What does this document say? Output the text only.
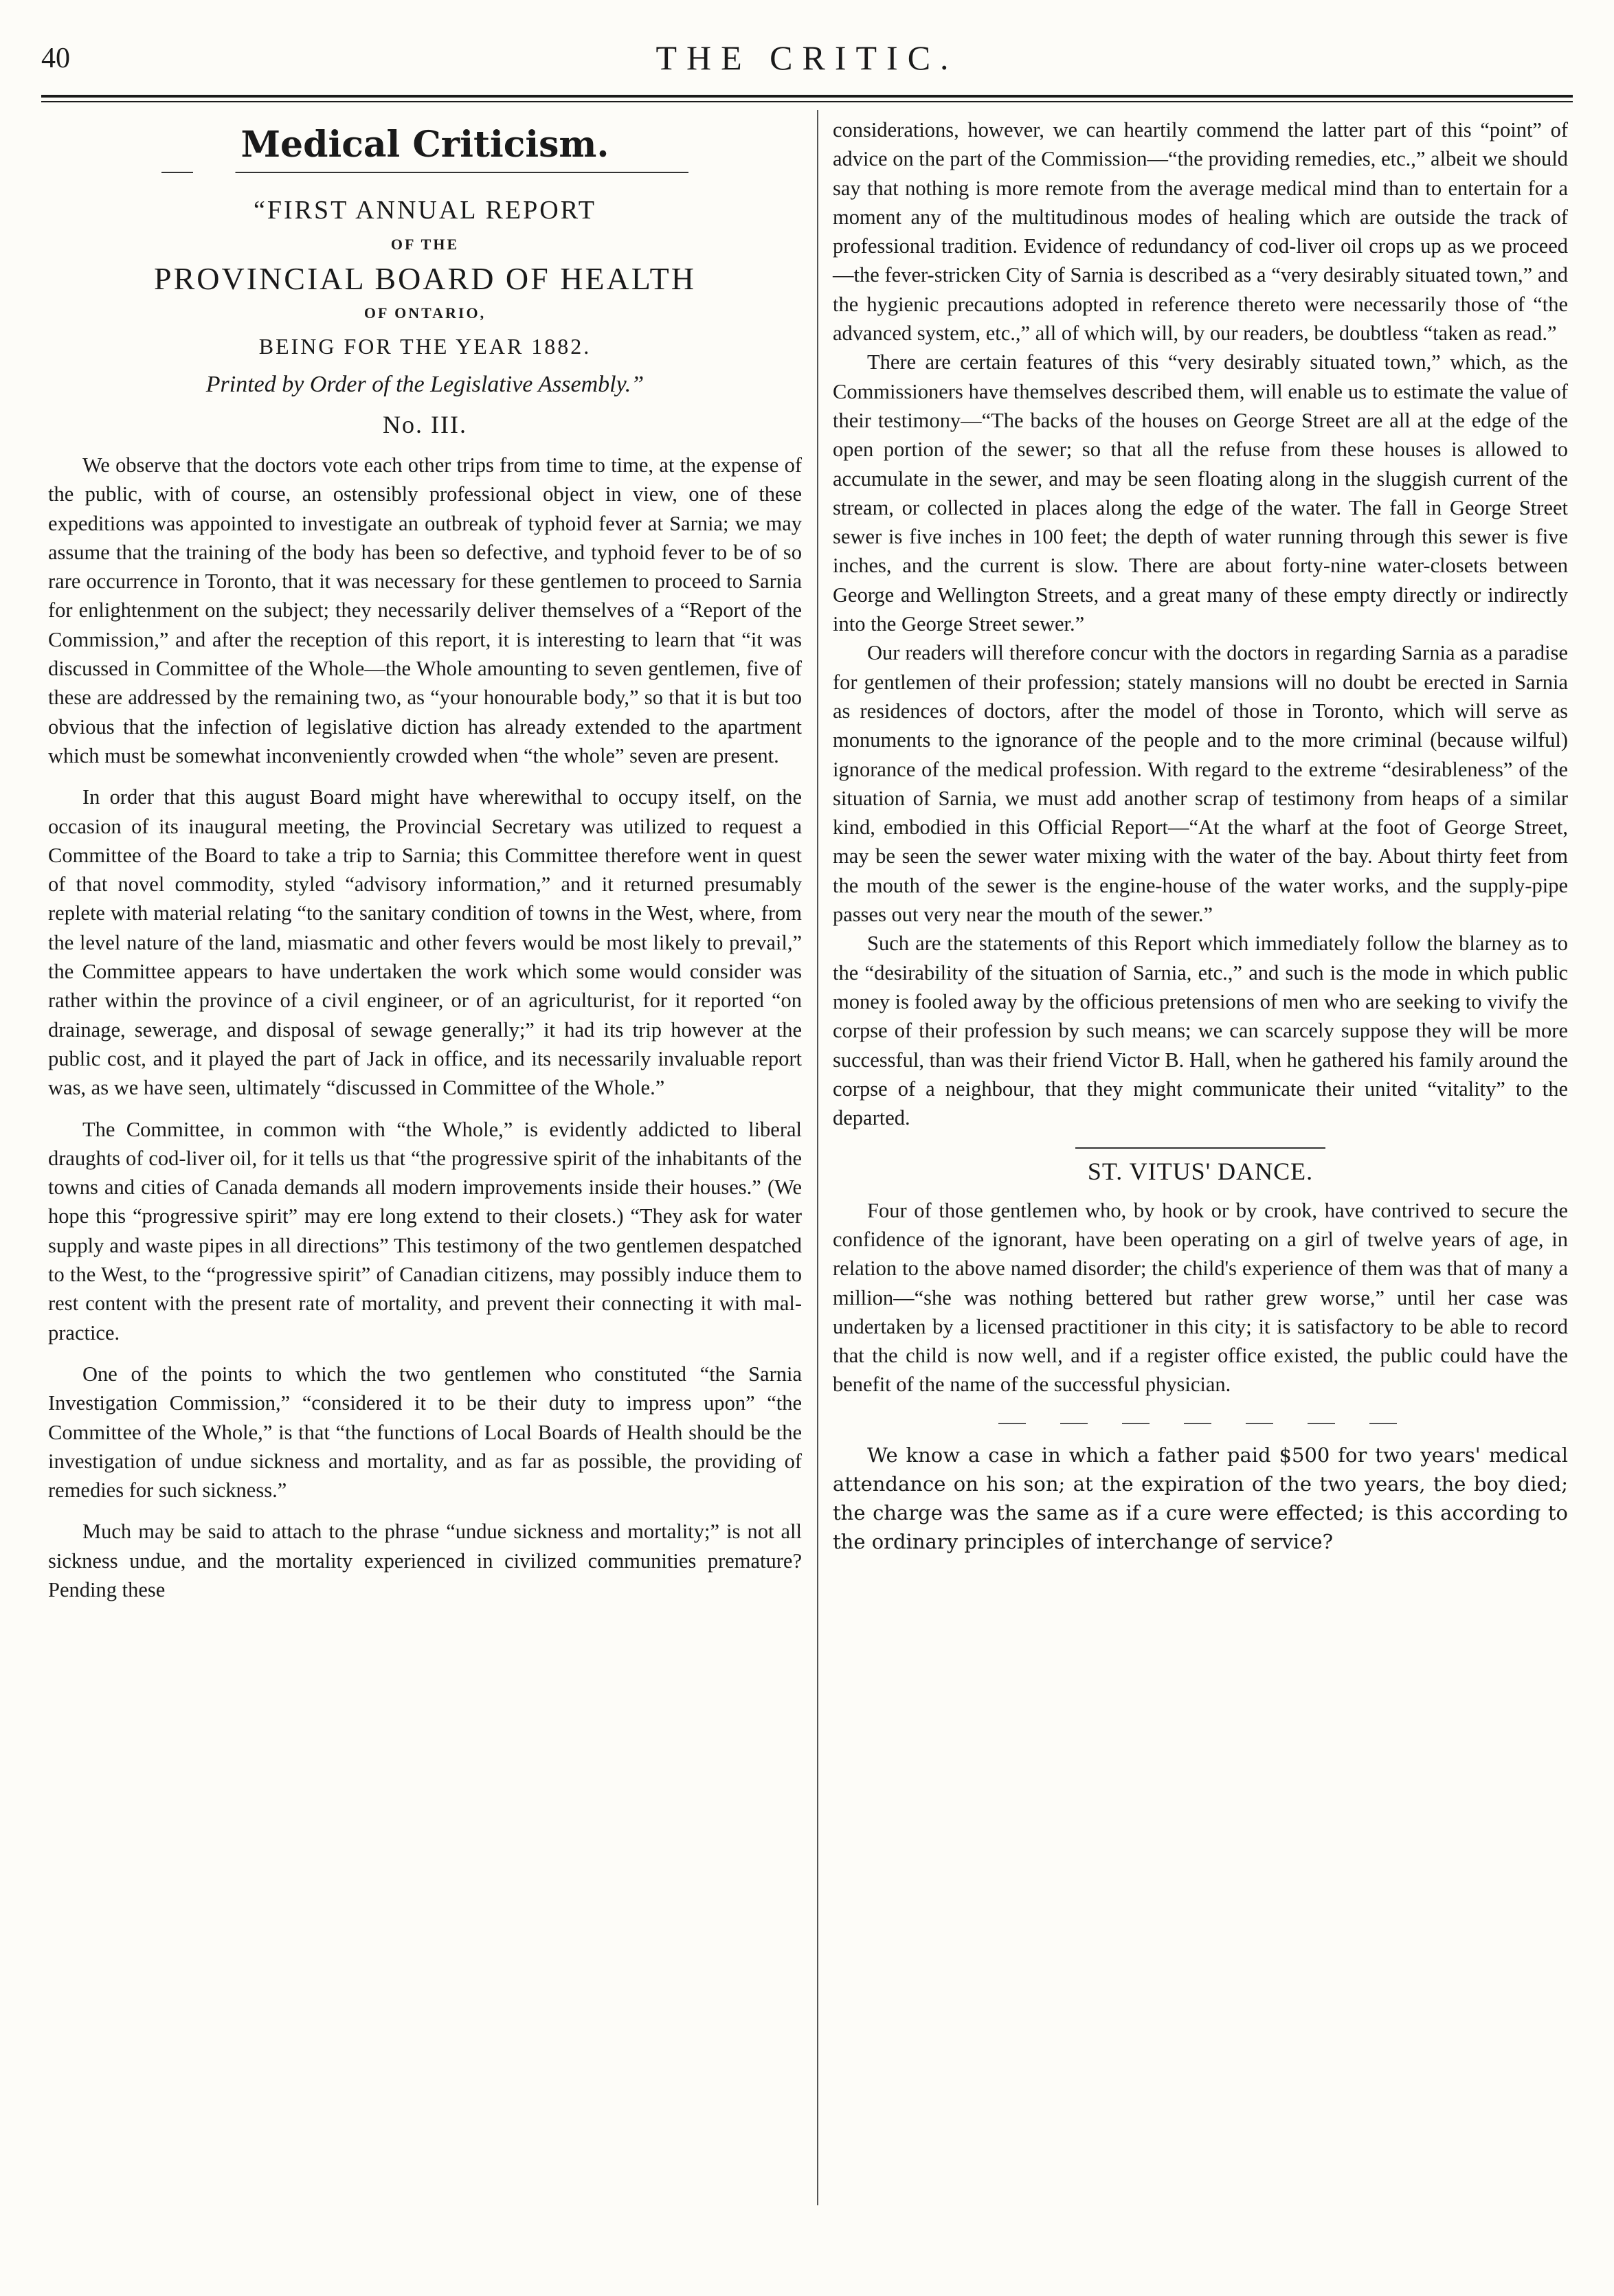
40	THE CRITIC.
Medical Criticism.
“FIRST ANNUAL REPORT
OF THE
PROVINCIAL BOARD OF HEALTH
OF ONTARIO,
BEING FOR THE YEAR 1882.
Printed by Order of the Legislative Assembly.”
No. III.

We observe that the doctors vote each other trips from time to time, at the expense of the public, with of course, an ostensibly professional object in view, one of these expeditions was appointed to investigate an outbreak of typhoid fever at Sarnia; we may assume that the training of the body has been so defective, and typhoid fever to be of so rare occurrence in Toronto, that it was necessary for these gentlemen to proceed to Sarnia for enlightenment on the subject; they necessarily deliver themselves of a “Report of the Commission,” and after the reception of this report, it is interesting to learn that “it was discussed in Committee of the Whole—the Whole amounting to seven gentlemen, five of these are addressed by the remaining two, as “your honourable body,” so that it is but too obvious that the infection of legislative diction has already extended to the apartment which must be somewhat inconveniently crowded when “the whole” seven are present.

In order that this august Board might have wherewithal to occupy itself, on the occasion of its inaugural meeting, the Provincial Secretary was utilized to request a Committee of the Board to take a trip to Sarnia; this Committee therefore went in quest of that novel commodity, styled “advisory information,” and it returned presumably replete with material relating “to the sanitary condition of towns in the West, where, from the level nature of the land, miasmatic and other fevers would be most likely to prevail,” the Committee appears to have undertaken the work which some would consider was rather within the province of a civil engineer, or of an agriculturist, for it reported “on drainage, sewerage, and disposal of sewage generally;” it had its trip however at the public cost, and it played the part of Jack in office, and its necessarily invaluable report was, as we have seen, ultimately “discussed in Committee of the Whole.”

The Committee, in common with “the Whole,” is evidently addicted to liberal draughts of cod-liver oil, for it tells us that “the progressive spirit of the inhabitants of the towns and cities of Canada demands all modern improvements inside their houses.” (We hope this “progressive spirit” may ere long extend to their closets.) “They ask for water supply and waste pipes in all directions” This testimony of the two gentlemen despatched to the West, to the “progressive spirit” of Canadian citizens, may possibly induce them to rest content with the present rate of mortality, and prevent their connecting it with mal-practice.

One of the points to which the two gentlemen who constituted “the Sarnia Investigation Commission,” “considered it to be their duty to impress upon” “the Committee of the Whole,” is that “the functions of Local Boards of Health should be the investigation of undue sickness and mortality, and as far as possible, the providing of remedies for such sickness.”

Much may be said to attach to the phrase “undue sickness and mortality;” is not all sickness undue, and the mortality experienced in civilized communities premature? Pending these

considerations, however, we can heartily commend the latter part of this “point” of advice on the part of the Commission—“the providing remedies, etc.,” albeit we should say that nothing is more remote from the average medical mind than to entertain for a moment any of the multitudinous modes of healing which are outside the track of professional tradition. Evidence of redundancy of cod-liver oil crops up as we proceed—the fever-stricken City of Sarnia is described as a “very desirably situated town,” and the hygienic precautions adopted in reference thereto were necessarily those of “the advanced system, etc.,” all of which will, by our readers, be doubtless “taken as read.”

There are certain features of this “very desirably situated town,” which, as the Commissioners have themselves described them, will enable us to estimate the value of their testimony—“The backs of the houses on George Street are all at the edge of the open portion of the sewer; so that all the refuse from these houses is allowed to accumulate in the sewer, and may be seen floating along in the sluggish current of the stream, or collected in places along the edge of the water. The fall in George Street sewer is five inches in 100 feet; the depth of water running through this sewer is five inches, and the current is slow. There are about forty-nine water-closets between George and Wellington Streets, and a great many of these empty directly or indirectly into the George Street sewer.”

Our readers will therefore concur with the doctors in regarding Sarnia as a paradise for gentlemen of their profession; stately mansions will no doubt be erected in Sarnia as residences of doctors, after the model of those in Toronto, which will serve as monuments to the ignorance of the people and to the more criminal (because wilful) ignorance of the medical profession. With regard to the extreme “desirableness” of the situation of Sarnia, we must add another scrap of testimony from heaps of a similar kind, embodied in this Official Report—“At the wharf at the foot of George Street, may be seen the sewer water mixing with the water of the bay. About thirty feet from the mouth of the sewer is the engine-house of the water works, and the supply-pipe passes out very near the mouth of the sewer.”

Such are the statements of this Report which immediately follow the blarney as to the “desirability of the situation of Sarnia, etc.,” and such is the mode in which public money is fooled away by the officious pretensions of men who are seeking to vivify the corpse of their profession by such means; we can scarcely suppose they will be more successful, than was their friend Victor B. Hall, when he gathered his family around the corpse of a neighbour, that they might communicate their united “vitality” to the departed.

ST. VITUS' DANCE.

Four of those gentlemen who, by hook or by crook, have contrived to secure the confidence of the ignorant, have been operating on a girl of twelve years of age, in relation to the above named disorder; the child's experience of them was that of many a million—“she was nothing bettered but rather grew worse,” until her case was undertaken by a licensed practitioner in this city; it is satisfactory to be able to record that the child is now well, and if a register office existed, the public could have the benefit of the name of the successful physician.

We know a case in which a father paid $500 for two years' medical attendance on his son; at the expiration of the two years, the boy died; the charge was the same as if a cure were effected; is this according to the ordinary principles of interchange of service?
